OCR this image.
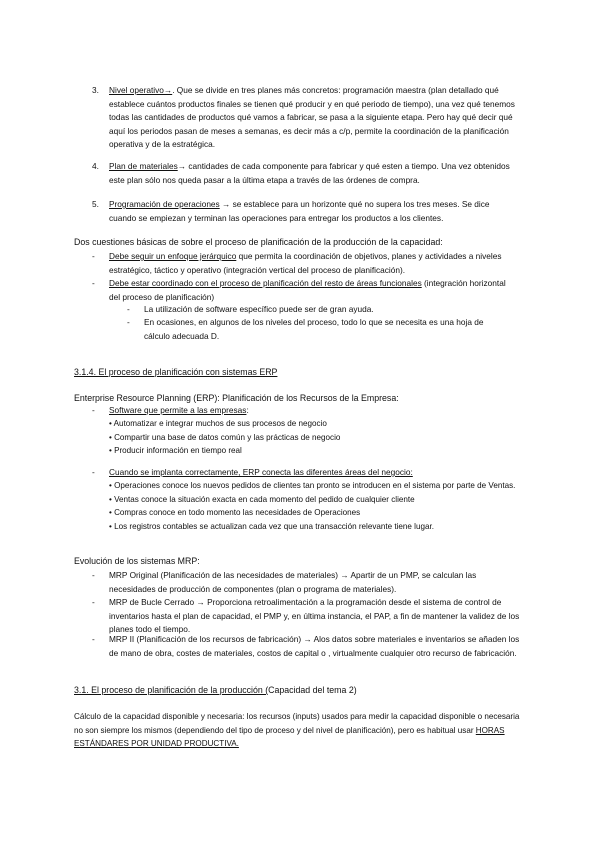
3. Nivel operativo→. Que se divide en tres planes más concretos: programación maestra (plan detallado qué establece cuántos productos finales se tienen qué producir y en qué periodo de tiempo), una vez qué tenemos todas las cantidades de productos qué vamos a fabricar, se pasa a la siguiente etapa. Pero hay qué decir qué aquí los periodos pasan de meses a semanas, es decir más a c/p, permite la coordinación de la planificación operativa y de la estratégica.

4. Plan de materiales→ cantidades de cada componente para fabricar y qué esten a tiempo. Una vez obtenidos este plan sólo nos queda pasar a la última etapa a través de las órdenes de compra.

5. Programación de operaciones → se establece para un horizonte qué no supera los tres meses. Se dice cuando se empiezan y terminan las operaciones para entregar los productos a los clientes.

Dos cuestiones básicas de sobre el proceso de planificación de la producción de la capacidad:

- Debe seguir un enfoque jerárquico que permita la coordinación de objetivos, planes y actividades a niveles estratégico, táctico y operativo (integración vertical del proceso de planificación).

- Debe estar coordinado con el proceso de planificación del resto de áreas funcionales (integración horizontal del proceso de planificación)

- La utilización de software específico puede ser de gran ayuda.

- En ocasiones, en algunos de los niveles del proceso, todo lo que se necesita es una hoja de cálculo adecuada D.

3.1.4. El proceso de planificación con sistemas ERP

Enterprise Resource Planning (ERP): Planificación de los Recursos de la Empresa:

- Software que permite a las empresas:

• Automatizar e integrar muchos de sus procesos de negocio
• Compartir una base de datos común y las prácticas de negocio
• Producir información en tiempo real
- Cuando se implanta correctamente, ERP conecta las diferentes áreas del negocio:

• Operaciones conoce los nuevos pedidos de clientes tan pronto se introducen en el sistema por parte de Ventas.

• Ventas conoce la situación exacta en cada momento del pedido de cualquier cliente

• Compras conoce en todo momento las necesidades de Operaciones

• Los registros contables se actualizan cada vez que una transacción relevante tiene lugar.

Evolución de los sistemas MRP:

- MRP Original (Planificación de las necesidades de materiales) → Apartir de un PMP, se calculan las necesidades de producción de componentes (plan o programa de materiales).

- MRP de Bucle Cerrado → Proporciona retroalimentación a la programación desde el sistema de control de inventarios hasta el plan de capacidad, el PMP y, en última instancia, el PAP, a fin de mantener la validez de los planes todo el tiempo.

- MRP II (Planificación de los recursos de fabricación) → Alos datos sobre materiales e inventarios se añaden los de mano de obra, costes de materiales, costos de capital o , virtualmente cualquier otro recurso de fabricación.

3.1. El proceso de planificación de la producción (Capacidad del tema 2)

Cálculo de la capacidad disponible y necesaria: los recursos (inputs) usados para medir la capacidad disponible o necesaria no son siempre los mismos (dependiendo del tipo de proceso y del nivel de planificación), pero es habitual usar HORAS ESTÁNDARES POR UNIDAD PRODUCTIVA.
